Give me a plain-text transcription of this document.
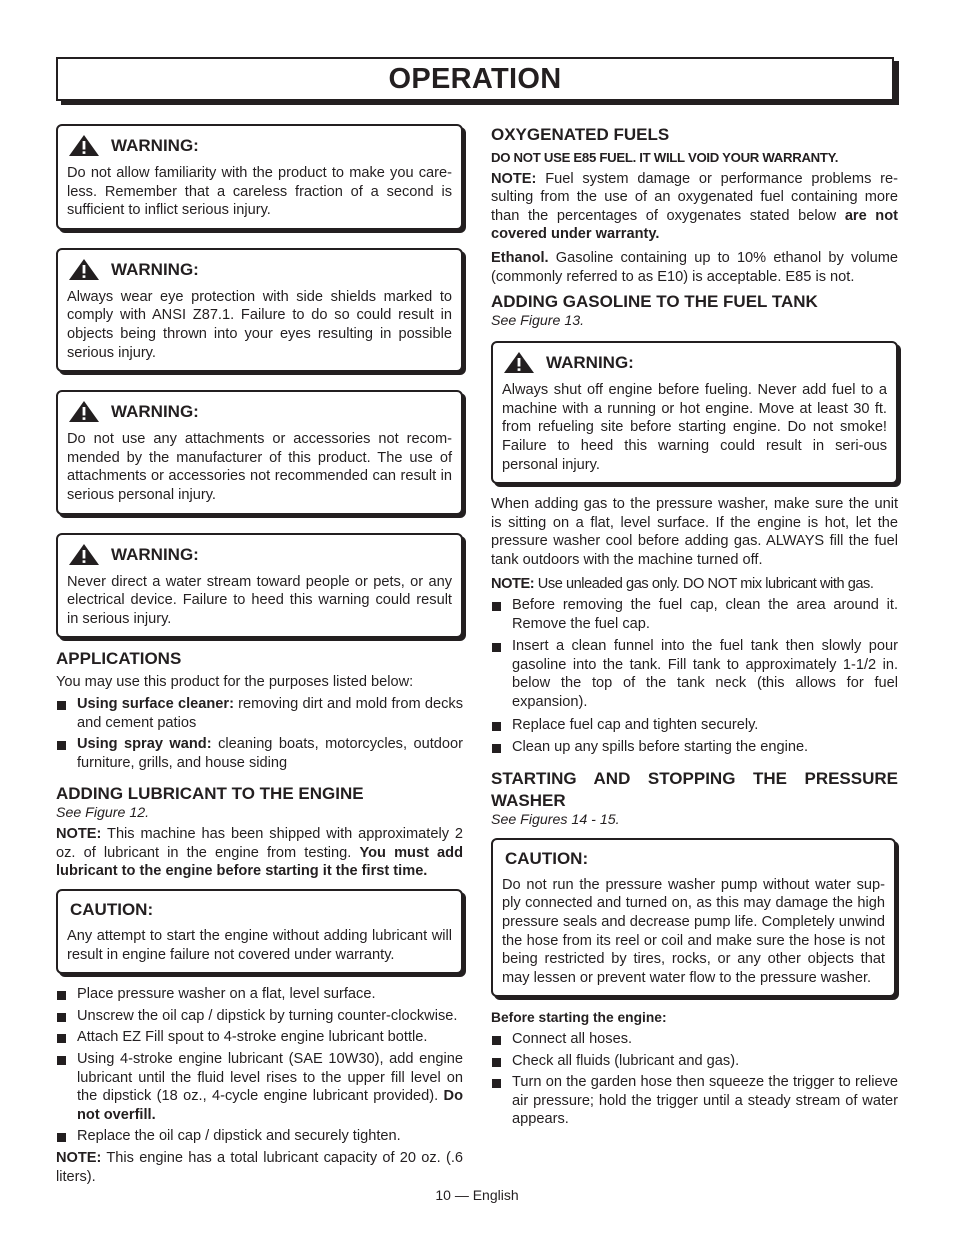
OPERATION
WARNING:

Do not allow familiarity with the product to make you care-less. Remember that a careless fraction of a second is sufficient to inflict serious injury.

WARNING:

Always wear eye protection with side shields marked to comply with ANSI Z87.1. Failure to do so could result in objects being thrown into your eyes resulting in possible serious injury.

WARNING:

Do not use any attachments or accessories not recom-mended by the manufacturer of this product. The use of attachments or accessories not recommended can result in serious personal injury.

WARNING:

Never direct a water stream toward people or pets, or any electrical device. Failure to heed this warning could result in serious injury.

APPLICATIONS

You may use this product for the purposes listed below:

Using surface cleaner: removing dirt and mold from decks and cement patios
Using spray wand: cleaning boats, motorcycles, outdoor furniture, grills, and house siding
ADDING LUBRICANT TO THE ENGINE
See Figure 12.

NOTE: This machine has been shipped with approximately 2 oz. of lubricant in the engine from testing. You must add lubricant to the engine before starting it the first time.

CAUTION:

Any attempt to start the engine without adding lubricant will result in engine failure not covered under warranty.

Place pressure washer on a flat, level surface.
Unscrew the oil cap / dipstick by turning counter-clockwise.
Attach EZ Fill spout to 4-stroke engine lubricant bottle.
Using 4-stroke engine lubricant (SAE 10W30), add engine lubricant until the fluid level rises to the upper fill level on the dipstick (18 oz., 4-cycle engine lubricant provided). Do not overfill.
Replace the oil cap / dipstick and securely tighten.

NOTE: This engine has a total lubricant capacity of 20 oz. (.6 liters).

OXYGENATED FUELS

DO NOT USE E85 FUEL. IT WILL VOID YOUR WARRANTY.

NOTE: Fuel system damage or performance problems re-sulting from the use of an oxygenated fuel containing more than the percentages of oxygenates stated below are not covered under warranty.

Ethanol. Gasoline containing up to 10% ethanol by volume (commonly referred to as E10) is acceptable. E85 is not.

ADDING GASOLINE TO THE FUEL TANK
See Figure 13.
WARNING:

Always shut off engine before fueling. Never add fuel to a machine with a running or hot engine. Move at least 30 ft. from refueling site before starting engine. Do not smoke! Failure to heed this warning could result in seri-ous personal injury.

When adding gas to the pressure washer, make sure the unit is sitting on a flat, level surface. If the engine is hot, let the pressure washer cool before adding gas. ALWAYS fill the fuel tank outdoors with the machine turned off.

NOTE: Use unleaded gas only. DO NOT mix lubricant with gas.

Before removing the fuel cap, clean the area around it. Remove the fuel cap.
Insert a clean funnel into the fuel tank then slowly pour gasoline into the tank. Fill tank to approximately 1-1/2 in. below the top of the tank neck (this allows for fuel expansion).
Replace fuel cap and tighten securely.
Clean up any spills before starting the engine.
STARTING AND STOPPING THE PRESSURE WASHER
See Figures 14 - 15.
CAUTION:

Do not run the pressure washer pump without water sup-ply connected and turned on, as this may damage the high pressure seals and decrease pump life. Completely unwind the hose from its reel or coil and make sure the hose is not being restricted by tires, rocks, or any other objects that may lessen or prevent water flow to the pressure washer.

Before starting the engine:

Connect all hoses.
Check all fluids (lubricant and gas).
Turn on the garden hose then squeeze the trigger to relieve air pressure; hold the trigger until a steady stream of water appears.
10 — English
